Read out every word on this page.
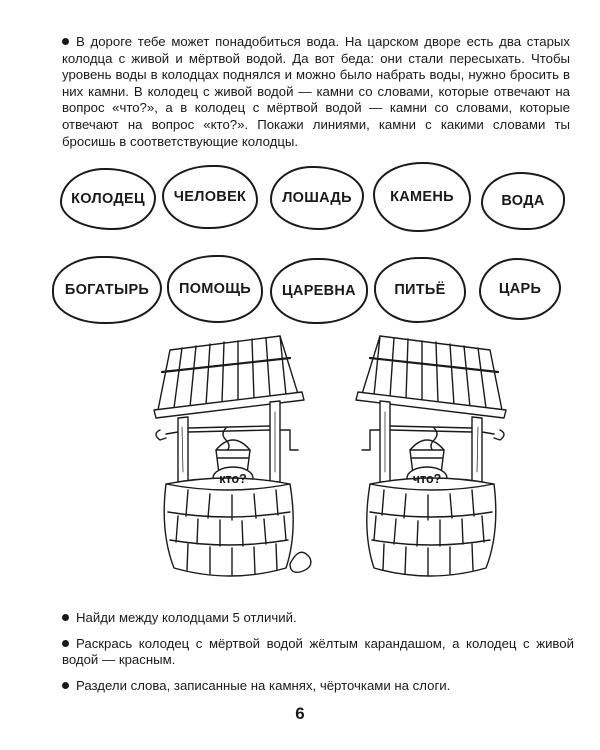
В дороге тебе может понадобиться вода. На царском дворе есть два старых колодца с живой и мёртвой водой. Да вот беда: они стали пересыхать. Чтобы уровень воды в колодцах поднялся и можно было набрать воды, нужно бросить в них камни. В колодец с живой водой — камни со словами, которые отвечают на вопрос «что?», а в колодец с мёртвой водой — камни со словами, которые отвечают на вопрос «кто?». Покажи линиями, камни с какими словами ты бросишь в соответствующие колодцы.

КОЛОДЕЦ ЧЕЛОВЕК ЛОШАДЬ	КАМЕНЬ	ВОДА
БОГАТЫРЬ ПОМОЩЬ ЦАРЕВНА	ПИТЬЁ	ЦАРЬ
кто?	что?

Найди между колодцами 5 отличий.

Раскрась колодец с мёртвой водой жёлтым карандашом, а колодец с живой водой — красным.

Раздели слова, записанные на камнях, чёрточками на слоги.

6
